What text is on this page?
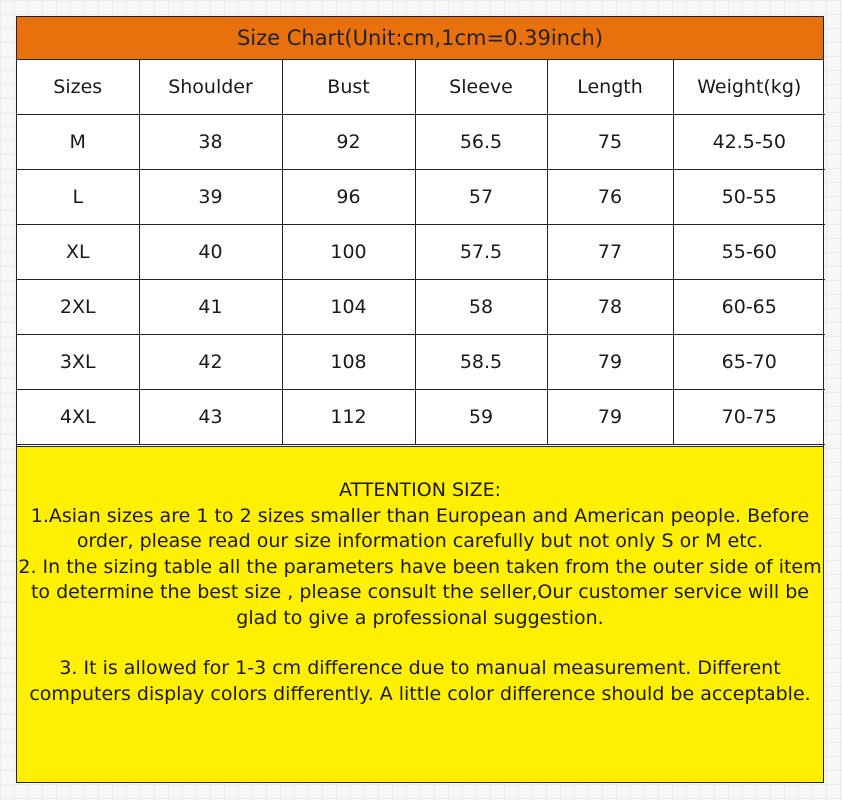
Size Chart(Unit:cm,1cm=0.39inch)
Sizes	Shoulder	Bust	Sleeve	Length	Weight(kg)
M	38	92	56.5	75	42.5-50
L	39	96	57	76	50-55
XL	40	100	57.5	77	55-60
2XL	41	104	58	78	60-65
3XL	42	108	58.5	79	65-70
4XL	43	112	59	79	70-75

ATTENTION SIZE:

1.Asian sizes are 1 to 2 sizes smaller than European and American people. Before order, please read our size information carefully but not only S or M etc.

2. In the sizing table all the parameters have been taken from the outer side of item to determine the best size , please consult the seller,Our customer service will be glad to give a professional suggestion.

3. It is allowed for 1-3 cm difference due to manual measurement. Different computers display colors differently. A little color difference should be acceptable.
